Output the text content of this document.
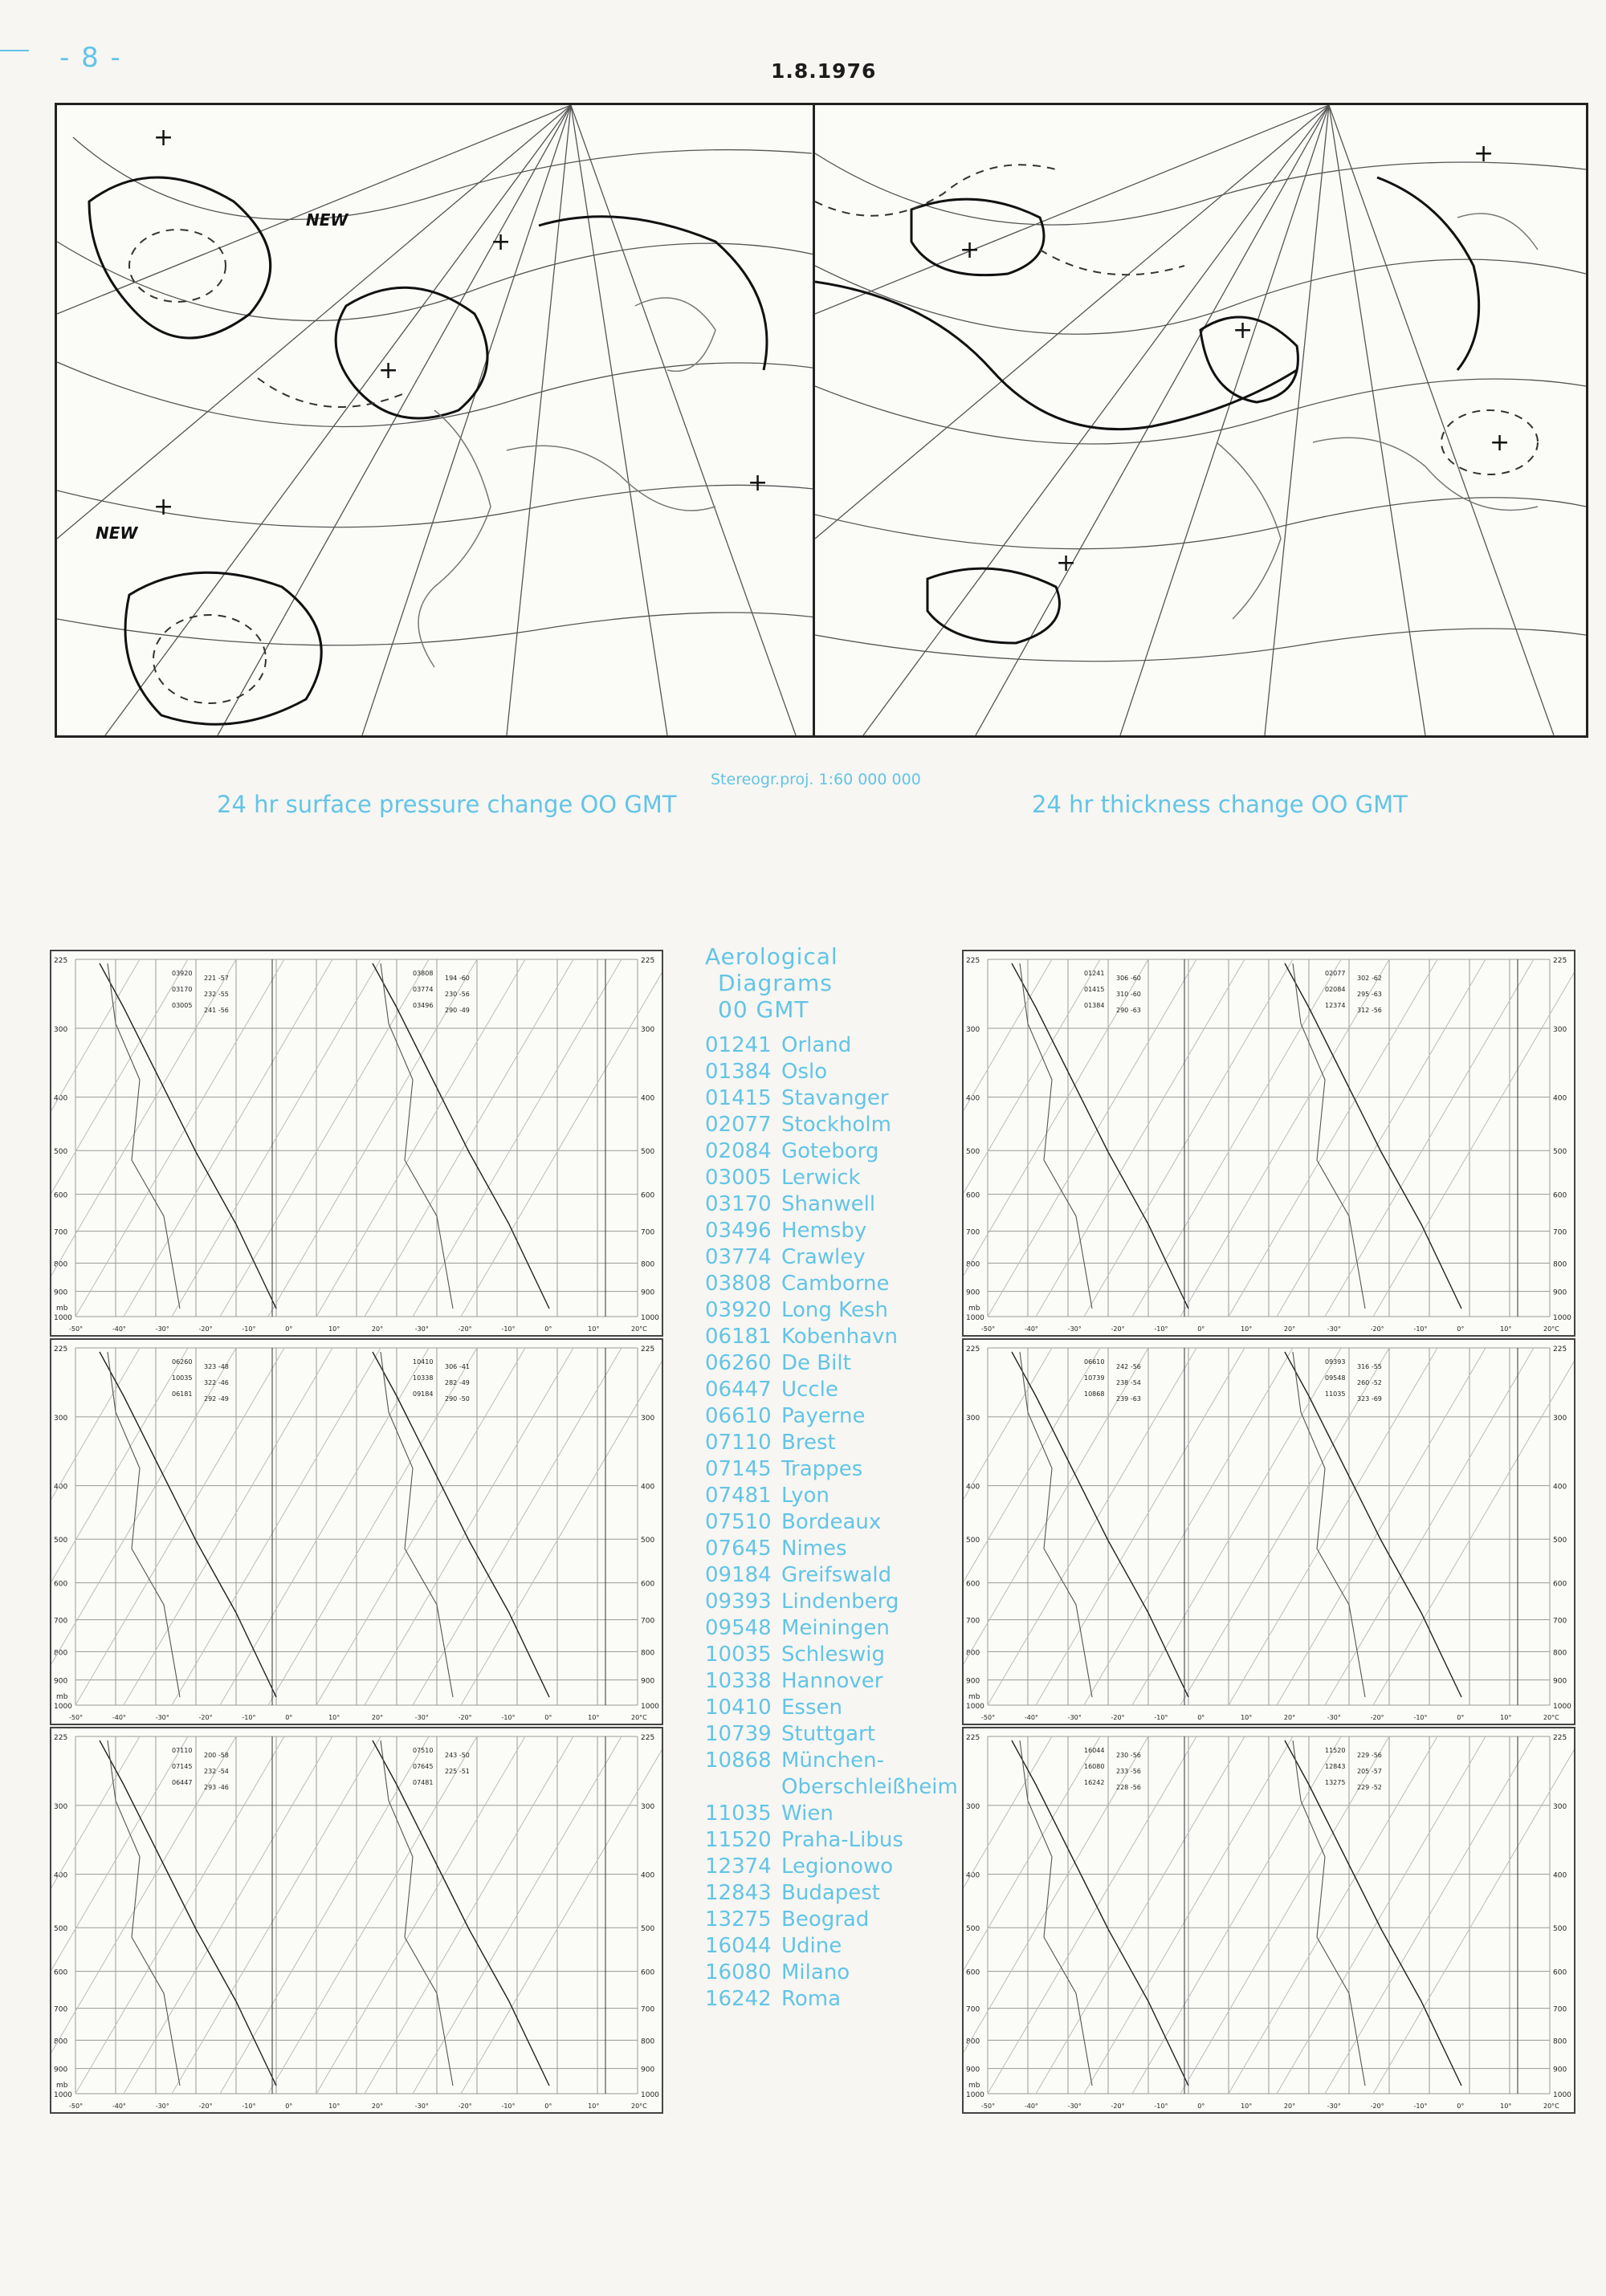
- 8 -	1.8.1976
+
+
+
+
+
NEW
NEW
+
+
+
+
+
Stereogr.proj. 1:60 000 000
24 hr surface pressure change OO GMT	24 hr thickness change OO GMT
225	225
300	300
400	400
500	500
600	600
700	700
800	800
900	900
1000	1000
-50°	-40°	-30°	-20°	-10°	0°	10°	20°	-30°	-20°	-10°	0°	10°	20°C
mb
03920
221 -57
03170
232 -55
03005
241 -56
03808
194 -60
03774
230 -56
03496
290 -49
225	225
300	300
400	400
500	500
600	600
700	700
800	800
900	900
1000	1000
-50°	-40°	-30°	-20°	-10°	0°	10°	20°	-30°	-20°	-10°	0°	10°	20°C
mb
06260
323 -48
10035
322 -46
06181
292 -49
10410
306 -41
10338
282 -49
09184
290 -50
225	225
300	300
400	400
500	500
600	600
700	700
800	800
900	900
1000	1000
-50°	-40°	-30°	-20°	-10°	0°	10°	20°	-30°	-20°	-10°	0°	10°	20°C
mb
07110
200 -58
07145
232 -54
06447
293 -46
07510
243 -50
07645
225 -51
07481
225	225
300	300
400	400
500	500
600	600
700	700
800	800
900	900
1000	1000
-50°	-40°	-30°	-20°	-10°	0°	10°	20°	-30°	-20°	-10°	0°	10°	20°C
mb
01241
306 -60
01415
310 -60
01384
290 -63
02077
302 -62
02084
295 -63
12374
312 -56
225	225
300	300
400	400
500	500
600	600
700	700
800	800
900	900
1000	1000
-50°	-40°	-30°	-20°	-10°	0°	10°	20°	-30°	-20°	-10°	0°	10°	20°C
mb
06610
242 -56
10739
238 -54
10868
239 -63
09393
316 -55
09548
260 -52
11035
323 -69
225	225
300	300
400	400
500	500
600	600
700	700
800	800
900	900
1000	1000
-50°	-40°	-30°	-20°	-10°	0°	10°	20°	-30°	-20°	-10°	0°	10°	20°C
mb
16044
230 -56
16080
233 -56
16242
228 -56
11520
229 -56
12843
205 -57
13275
229 -52
Aerological
Diagrams
00 GMT
01241 Orland
01384 Oslo
01415 Stavanger
02077 Stockholm
02084 Goteborg
03005 Lerwick
03170 Shanwell
03496 Hemsby
03774 Crawley
03808 Camborne
03920 Long Kesh
06181 Kobenhavn
06260 De Bilt
06447 Uccle
06610 Payerne
07110 Brest
07145 Trappes
07481 Lyon
07510 Bordeaux
07645 Nimes
09184 Greifswald
09393 Lindenberg
09548 Meiningen
10035 Schleswig
10338 Hannover
10410 Essen
10739 Stuttgart
10868 München-
Oberschleißheim
11035 Wien
11520 Praha-Libus
12374 Legionowo
12843 Budapest
13275 Beograd
16044 Udine
16080 Milano
16242 Roma
